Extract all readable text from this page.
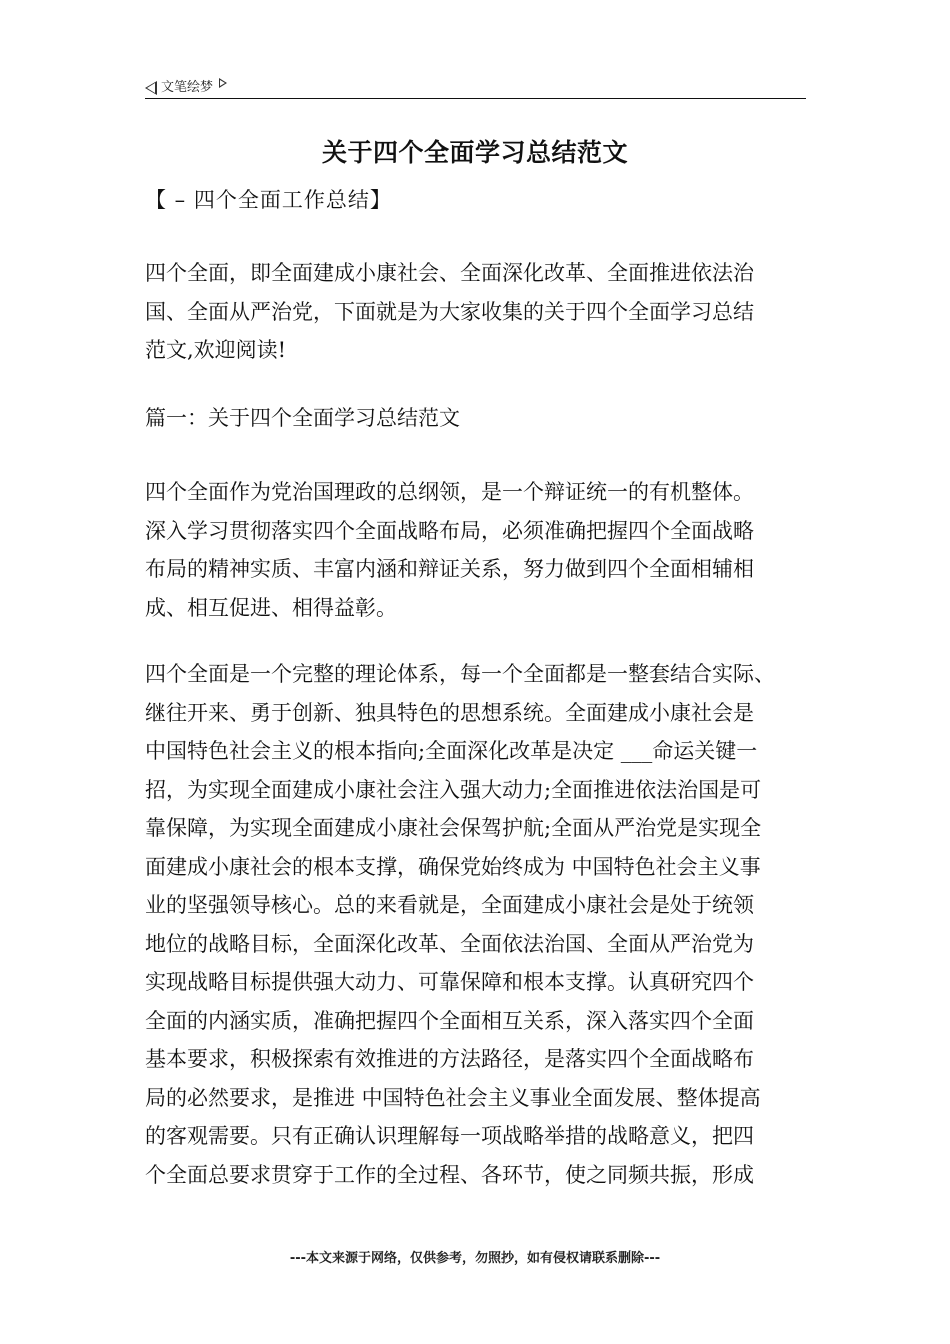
文笔绘梦
关于四个全面学习总结范文
【 – 四个全面工作总结】
四个全面，即全面建成小康社会、全面深化改革、全面推进依法治
国、全面从严治党，下面就是为大家收集的关于四个全面学习总结
范文,欢迎阅读!
篇一：关于四个全面学习总结范文
四个全面作为党治国理政的总纲领，是一个辩证统一的有机整体。
深入学习贯彻落实四个全面战略布局，必须准确把握四个全面战略
布局的精神实质、丰富内涵和辩证关系，努力做到四个全面相辅相
成、相互促进、相得益彰。
四个全面是一个完整的理论体系，每一个全面都是一整套结合实际、
继往开来、勇于创新、独具特色的思想系统。全面建成小康社会是
中国特色社会主义的根本指向;全面深化改革是决定 ___命运关键一
招，为实现全面建成小康社会注入强大动力;全面推进依法治国是可
靠保障，为实现全面建成小康社会保驾护航;全面从严治党是实现全
面建成小康社会的根本支撑，确保党始终成为 中国特色社会主义事
业的坚强领导核心。总的来看就是，全面建成小康社会是处于统领
地位的战略目标，全面深化改革、全面依法治国、全面从严治党为
实现战略目标提供强大动力、可靠保障和根本支撑。认真研究四个
全面的内涵实质，准确把握四个全面相互关系，深入落实四个全面
基本要求，积极探索有效推进的方法路径，是落实四个全面战略布
局的必然要求，是推进 中国特色社会主义事业全面发展、整体提高
的客观需要。只有正确认识理解每一项战略举措的战略意义，把四
个全面总要求贯穿于工作的全过程、各环节，使之同频共振，形成
---本文来源于网络，仅供参考，勿照抄，如有侵权请联系删除---
